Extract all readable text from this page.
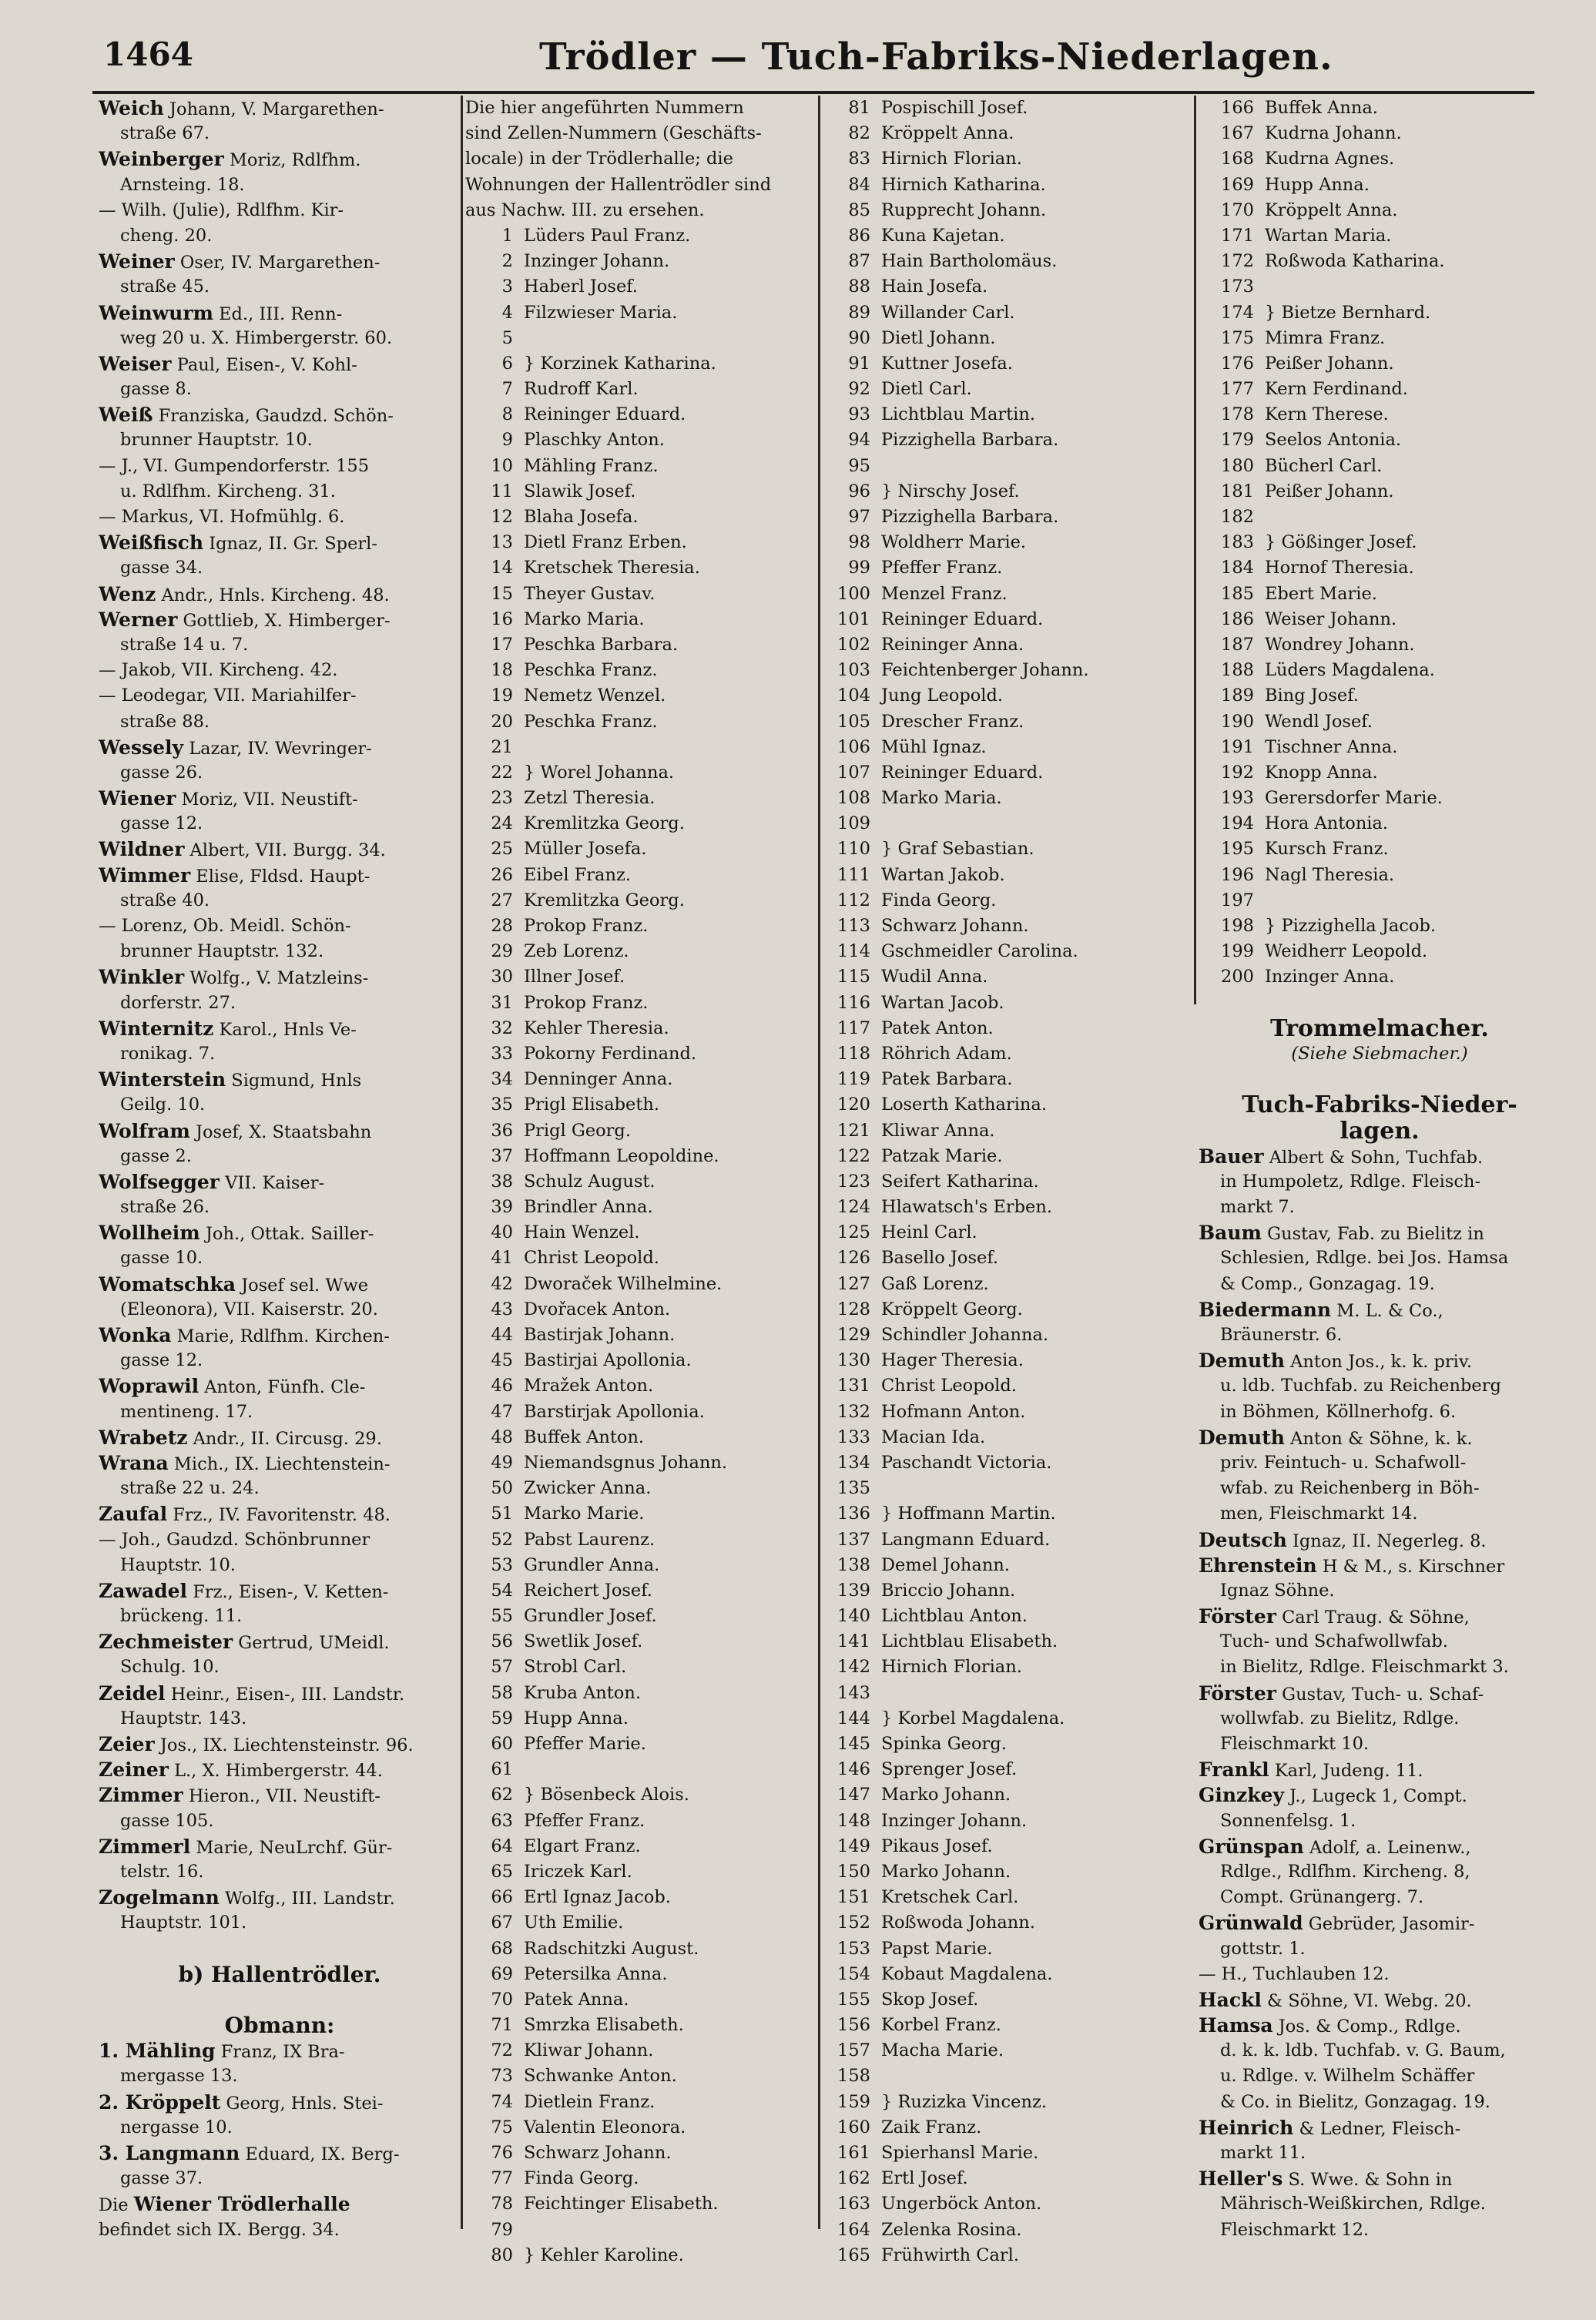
1464	Trödler — Tuch-Fabriks-Niederlagen.
Weich Johann, V. Margarethen-
straße 67.
Weinberger Moriz, Rdlfhm.
Arnsteing. 18.
— Wilh. (Julie), Rdlfhm. Kir-
cheng. 20.
Weiner Oser, IV. Margarethen-
straße 45.
Weinwurm Ed., III. Renn-
weg 20 u. X. Himbergerstr. 60.
Weiser Paul, Eisen-, V. Kohl-
gasse 8.
Weiß Franziska, Gaudzd. Schön-
brunner Hauptstr. 10.
— J., VI. Gumpendorferstr. 155
u. Rdlfhm. Kircheng. 31.
— Markus, VI. Hofmühlg. 6.
Weißfisch Ignaz, II. Gr. Sperl-
gasse 34.
Wenz Andr., Hnls. Kircheng. 48.
Werner Gottlieb, X. Himberger-
straße 14 u. 7.
— Jakob, VII. Kircheng. 42.
— Leodegar, VII. Mariahilfer-
straße 88.
Wessely Lazar, IV. Wevringer-
gasse 26.
Wiener Moriz, VII. Neustift-
gasse 12.
Wildner Albert, VII. Burgg. 34.
Wimmer Elise, Fldsd. Haupt-
straße 40.
— Lorenz, Ob. Meidl. Schön-
brunner Hauptstr. 132.
Winkler Wolfg., V. Matzleins-
dorferstr. 27.
Winternitz Karol., Hnls Ve-
ronikag. 7.
Winterstein Sigmund, Hnls
Geilg. 10.
Wolfram Josef, X. Staatsbahn
gasse 2.
Wolfsegger VII. Kaiser-
straße 26.
Wollheim Joh., Ottak. Sailler-
gasse 10.
Womatschka Josef sel. Wwe
(Eleonora), VII. Kaiserstr. 20.
Wonka Marie, Rdlfhm. Kirchen-
gasse 12.
Woprawil Anton, Fünfh. Cle-
mentineng. 17.
Wrabetz Andr., II. Circusg. 29.
Wrana Mich., IX. Liechtenstein-
straße 22 u. 24.
Zaufal Frz., IV. Favoritenstr. 48.
— Joh., Gaudzd. Schönbrunner
Hauptstr. 10.
Zawadel Frz., Eisen-, V. Ketten-
brückeng. 11.
Zechmeister Gertrud, UMeidl.
Schulg. 10.
Zeidel Heinr., Eisen-, III. Landstr.
Hauptstr. 143.
Zeier Jos., IX. Liechtensteinstr. 96.
Zeiner L., X. Himbergerstr. 44.
Zimmer Hieron., VII. Neustift-
gasse 105.
Zimmerl Marie, NeuLrchf. Gür-
telstr. 16.
Zogelmann Wolfg., III. Landstr.
Hauptstr. 101.
b) Hallentrödler.
Obmann:
1. Mähling Franz, IX Bra-
mergasse 13.
2. Kröppelt Georg, Hnls. Stei-
nergasse 10.
3. Langmann Eduard, IX. Berg-
gasse 37.
Die Wiener Trödlerhalle
befindet sich IX. Bergg. 34.
Die hier angeführten Nummern
sind Zellen-Nummern (Geschäfts-
locale) in der Trödlerhalle; die
Wohnungen der Hallentrödler sind
aus Nachw. III. zu ersehen.
1 Lüders Paul Franz.
2 Inzinger Johann.
3 Haberl Josef.
4 Filzwieser Maria.
5
6 } Korzinek Katharina.
7 Rudroff Karl.
8 Reininger Eduard.
9 Plaschky Anton.
10 Mähling Franz.
11 Slawik Josef.
12 Blaha Josefa.
13 Dietl Franz Erben.
14 Kretschek Theresia.
15 Theyer Gustav.
16 Marko Maria.
17 Peschka Barbara.
18 Peschka Franz.
19 Nemetz Wenzel.
20 Peschka Franz.
21
22 } Worel Johanna.
23 Zetzl Theresia.
24 Kremlitzka Georg.
25 Müller Josefa.
26 Eibel Franz.
27 Kremlitzka Georg.
28 Prokop Franz.
29 Zeb Lorenz.
30 Illner Josef.
31 Prokop Franz.
32 Kehler Theresia.
33 Pokorny Ferdinand.
34 Denninger Anna.
35 Prigl Elisabeth.
36 Prigl Georg.
37 Hoffmann Leopoldine.
38 Schulz August.
39 Brindler Anna.
40 Hain Wenzel.
41 Christ Leopold.
42 Dworaček Wilhelmine.
43 Dvořacek Anton.
44 Bastirjak Johann.
45 Bastirjai Apollonia.
46 Mražek Anton.
47 Barstirjak Apollonia.
48 Buffek Anton.
49 Niemandsgnus Johann.
50 Zwicker Anna.
51 Marko Marie.
52 Pabst Laurenz.
53 Grundler Anna.
54 Reichert Josef.
55 Grundler Josef.
56 Swetlik Josef.
57 Strobl Carl.
58 Kruba Anton.
59 Hupp Anna.
60 Pfeffer Marie.
61
62 } Bösenbeck Alois.
63 Pfeffer Franz.
64 Elgart Franz.
65 Iriczek Karl.
66 Ertl Ignaz Jacob.
67 Uth Emilie.
68 Radschitzki August.
69 Petersilka Anna.
70 Patek Anna.
71 Smrzka Elisabeth.
72 Kliwar Johann.
73 Schwanke Anton.
74 Dietlein Franz.
75 Valentin Eleonora.
76 Schwarz Johann.
77 Finda Georg.
78 Feichtinger Elisabeth.
79
80 } Kehler Karoline.
81 Pospischill Josef.
82 Kröppelt Anna.
83 Hirnich Florian.
84 Hirnich Katharina.
85 Rupprecht Johann.
86 Kuna Kajetan.
87 Hain Bartholomäus.
88 Hain Josefa.
89 Willander Carl.
90 Dietl Johann.
91 Kuttner Josefa.
92 Dietl Carl.
93 Lichtblau Martin.
94 Pizzighella Barbara.
95
96 } Nirschy Josef.
97 Pizzighella Barbara.
98 Woldherr Marie.
99 Pfeffer Franz.
100 Menzel Franz.
101 Reininger Eduard.
102 Reininger Anna.
103 Feichtenberger Johann.
104 Jung Leopold.
105 Drescher Franz.
106 Mühl Ignaz.
107 Reininger Eduard.
108 Marko Maria.
109
110 } Graf Sebastian.
111 Wartan Jakob.
112 Finda Georg.
113 Schwarz Johann.
114 Gschmeidler Carolina.
115 Wudil Anna.
116 Wartan Jacob.
117 Patek Anton.
118 Röhrich Adam.
119 Patek Barbara.
120 Loserth Katharina.
121 Kliwar Anna.
122 Patzak Marie.
123 Seifert Katharina.
124 Hlawatsch's Erben.
125 Heinl Carl.
126 Basello Josef.
127 Gaß Lorenz.
128 Kröppelt Georg.
129 Schindler Johanna.
130 Hager Theresia.
131 Christ Leopold.
132 Hofmann Anton.
133 Macian Ida.
134 Paschandt Victoria.
135
136 } Hoffmann Martin.
137 Langmann Eduard.
138 Demel Johann.
139 Briccio Johann.
140 Lichtblau Anton.
141 Lichtblau Elisabeth.
142 Hirnich Florian.
143
144 } Korbel Magdalena.
145 Spinka Georg.
146 Sprenger Josef.
147 Marko Johann.
148 Inzinger Johann.
149 Pikaus Josef.
150 Marko Johann.
151 Kretschek Carl.
152 Roßwoda Johann.
153 Papst Marie.
154 Kobaut Magdalena.
155 Skop Josef.
156 Korbel Franz.
157 Macha Marie.
158
159 } Ruzizka Vincenz.
160 Zaik Franz.
161 Spierhansl Marie.
162 Ertl Josef.
163 Ungerböck Anton.
164 Zelenka Rosina.
165 Frühwirth Carl.
166 Buffek Anna.
167 Kudrna Johann.
168 Kudrna Agnes.
169 Hupp Anna.
170 Kröppelt Anna.
171 Wartan Maria.
172 Roßwoda Katharina.
173
174 } Bietze Bernhard.
175 Mimra Franz.
176 Peißer Johann.
177 Kern Ferdinand.
178 Kern Therese.
179 Seelos Antonia.
180 Bücherl Carl.
181 Peißer Johann.
182
183 } Gößinger Josef.
184 Hornof Theresia.
185 Ebert Marie.
186 Weiser Johann.
187 Wondrey Johann.
188 Lüders Magdalena.
189 Bing Josef.
190 Wendl Josef.
191 Tischner Anna.
192 Knopp Anna.
193 Gerersdorfer Marie.
194 Hora Antonia.
195 Kursch Franz.
196 Nagl Theresia.
197
198 } Pizzighella Jacob.
199 Weidherr Leopold.
200 Inzinger Anna.
Trommelmacher.
(Siehe Siebmacher.)
Tuch-Fabriks-Nieder-
lagen.
Bauer Albert & Sohn, Tuchfab.
in Humpoletz, Rdlge. Fleisch-
markt 7.
Baum Gustav, Fab. zu Bielitz in
Schlesien, Rdlge. bei Jos. Hamsa
& Comp., Gonzagag. 19.
Biedermann M. L. & Co.,
Bräunerstr. 6.
Demuth Anton Jos., k. k. priv.
u. ldb. Tuchfab. zu Reichenberg
in Böhmen, Köllnerhofg. 6.
Demuth Anton & Söhne, k. k.
priv. Feintuch- u. Schafwoll-
wfab. zu Reichenberg in Böh-
men, Fleischmarkt 14.
Deutsch Ignaz, II. Negerleg. 8.
Ehrenstein H & M., s. Kirschner
Ignaz Söhne.
Förster Carl Traug. & Söhne,
Tuch- und Schafwollwfab.
in Bielitz, Rdlge. Fleischmarkt 3.
Förster Gustav, Tuch- u. Schaf-
wollwfab. zu Bielitz, Rdlge.
Fleischmarkt 10.
Frankl Karl, Judeng. 11.
Ginzkey J., Lugeck 1, Compt.
Sonnenfelsg. 1.
Grünspan Adolf, a. Leinenw.,
Rdlge., Rdlfhm. Kircheng. 8,
Compt. Grünangerg. 7.
Grünwald Gebrüder, Jasomir-
gottstr. 1.
— H., Tuchlauben 12.
Hackl & Söhne, VI. Webg. 20.
Hamsa Jos. & Comp., Rdlge.
d. k. k. ldb. Tuchfab. v. G. Baum,
u. Rdlge. v. Wilhelm Schäffer
& Co. in Bielitz, Gonzagag. 19.
Heinrich & Ledner, Fleisch-
markt 11.
Heller's S. Wwe. & Sohn in
Mährisch-Weißkirchen, Rdlge.
Fleischmarkt 12.
